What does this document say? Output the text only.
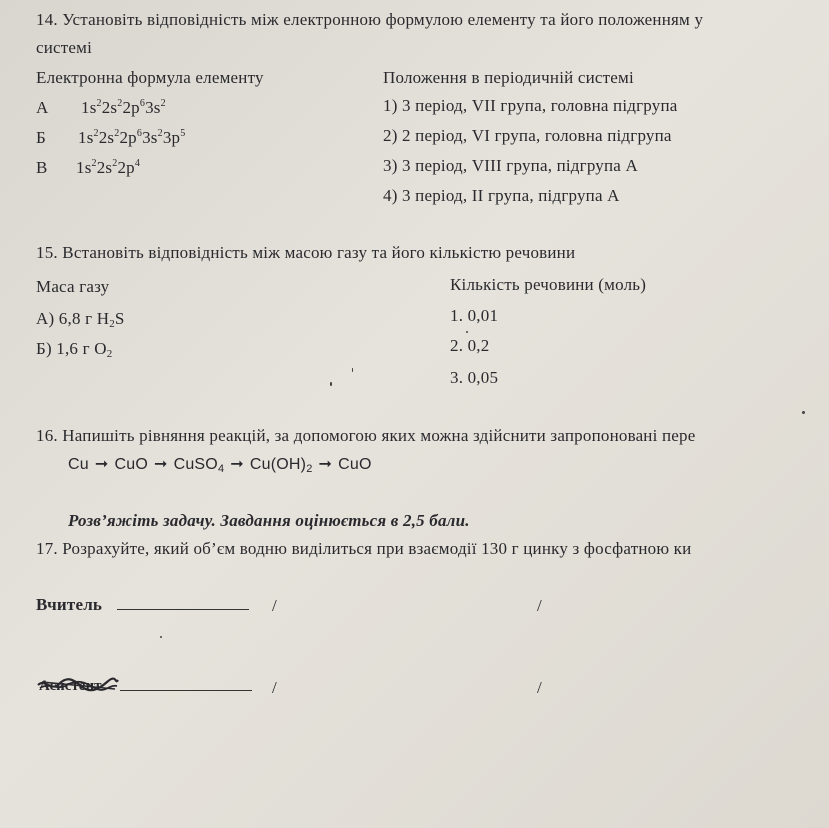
14. Установіть відповідність між електронною формулою елементу та його положенням у
системі
Електронна формула елементу	Положення в періодичній системі
А $1s^22s^22p^63s^2$
Б $1s^22s^22p^63s^23p^5$
В $1s^22s^22p^4$
1) 3 період, VII група, головна підгрупа
2) 2 період, VI група, головна підгрупа
3) 3 період, VIII група, підгрупа А
4) 3 період, II група, підгрупа А
15. Встановіть відповідність між масою газу та його кількістю речовини
Маса газу	Кількість речовини (моль)
А) 6,8 г $H_2S$
Б) 1,6 г $O_2$
1. 0,01
2. 0,2
3. 0,05
16. Напишіть рівняння реакцій, за допомогою яких можна здійснити запропоновані пере
Cu ➞ CuO ➞ CuSO$_4$ ➞ $Cu(OH)_2$ ➞ CuO
Розв’яжіть задачу. Завдання оцінюється в 2,5 бали.
17. Розрахуйте, який об’єм водню виділиться при взаємодії 130 г цинку з фосфатною ки
Вчитель	/	/
Асистент	/	/
